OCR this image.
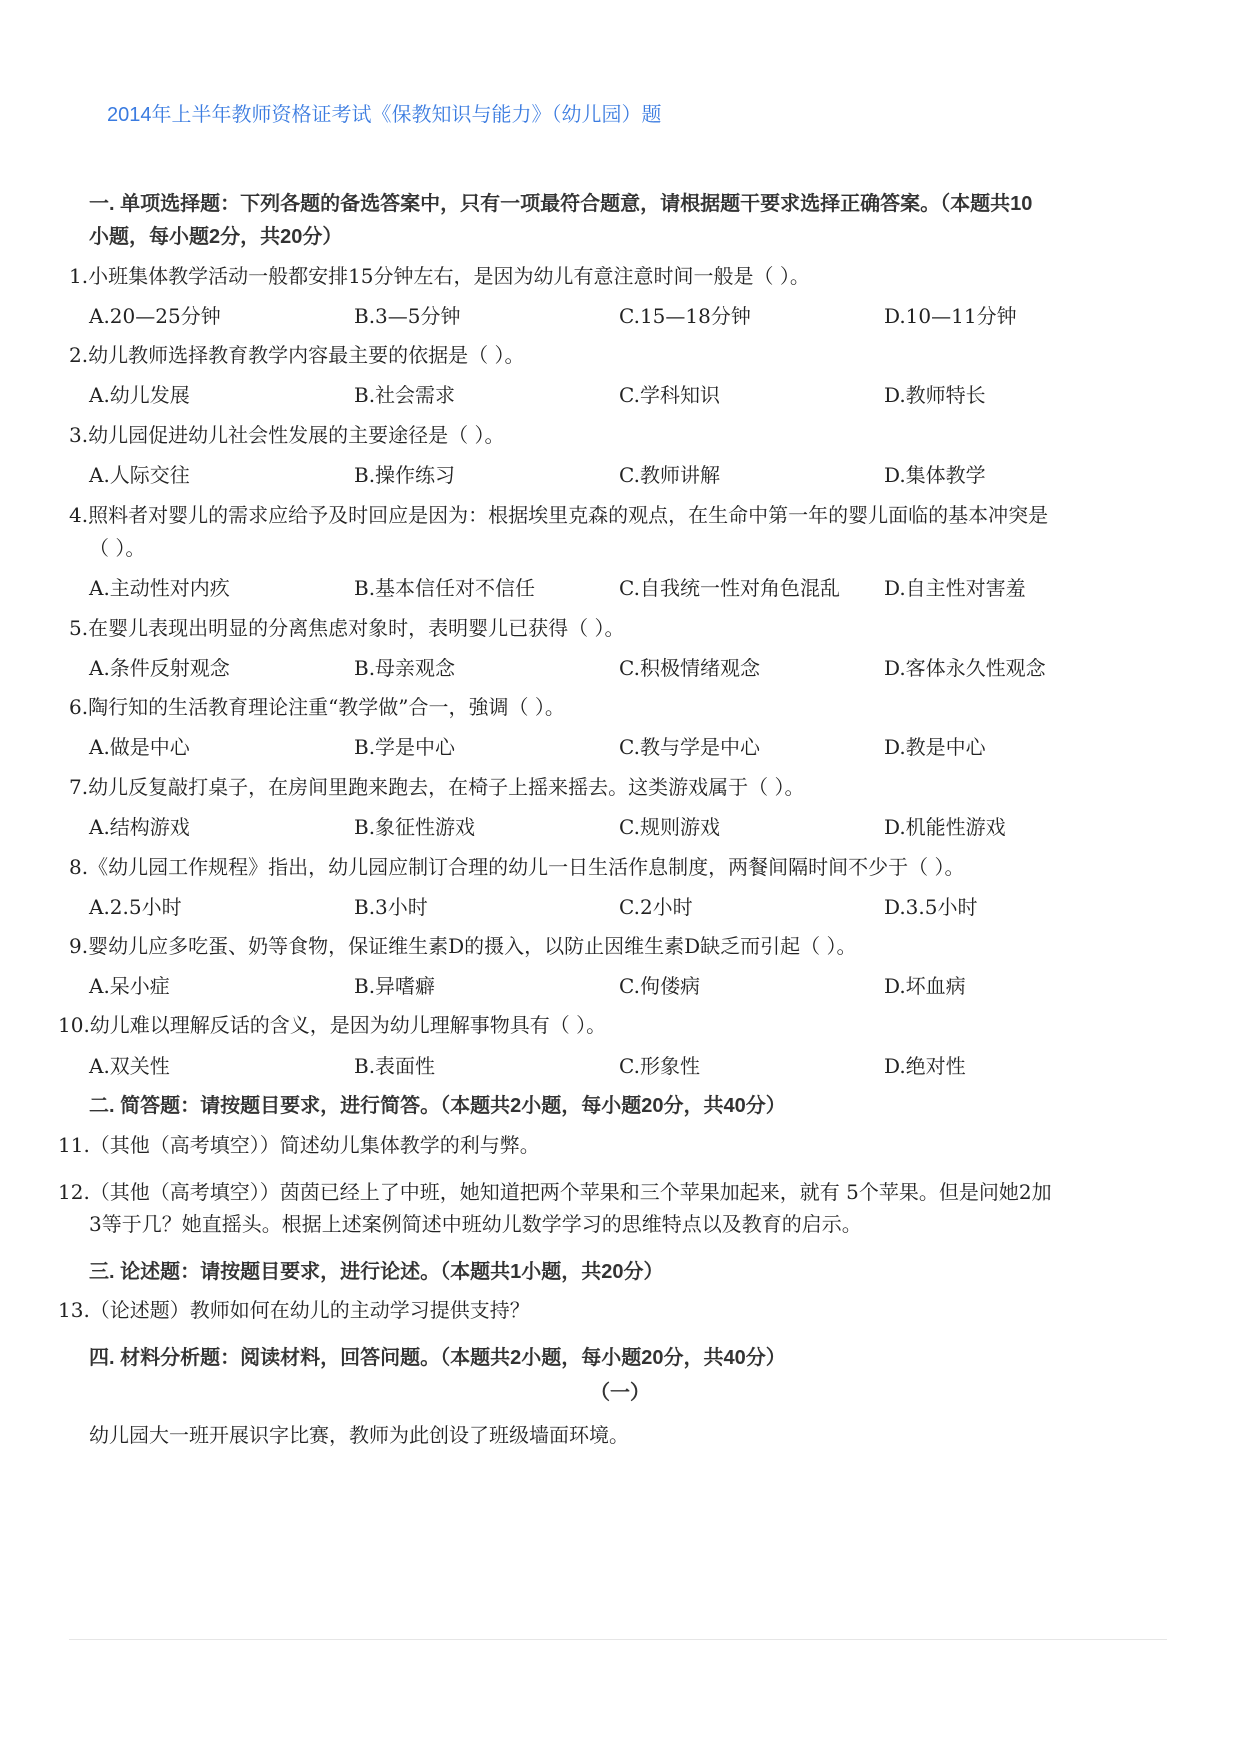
2014年上半年教师资格证考试《保教知识与能力》（幼儿园）题
一. 单项选择题：下列各题的备选答案中，只有一项最符合题意，请根据题干要求选择正确答案。（本题共10
小题，每小题2分，共20分）
1.小班集体教学活动一般都安排15分钟左右，是因为幼儿有意注意时间一般是（ ）。
A.20—25分钟	B.3—5分钟	C.15—18分钟	D.10—11分钟
2.幼儿教师选择教育教学内容最主要的依据是（ ）。
A.幼儿发展	B.社会需求	C.学科知识	D.教师特长
3.幼儿园促进幼儿社会性发展的主要途径是（ ）。
A.人际交往	B.操作练习	C.教师讲解	D.集体教学
4.照料者对婴儿的需求应给予及时回应是因为：根据埃里克森的观点，在生命中第一年的婴儿面临的基本冲突是
（ ）。
A.主动性对内疚	B.基本信任对不信任	C.自我统一性对角色混乱 D.自主性对害羞
5.在婴儿表现出明显的分离焦虑对象时，表明婴儿已获得（ ）。
A.条件反射观念	B.母亲观念	C.积极情绪观念	D.客体永久性观念
6.陶行知的生活教育理论注重“教学做”合一，強调（ ）。
A.做是中心	B.学是中心	C.教与学是中心	D.教是中心
7.幼儿反复敲打桌子，在房间里跑来跑去，在椅子上摇来摇去。这类游戏属于（ ）。
A.结构游戏	B.象征性游戏	C.规则游戏	D.机能性游戏
8.《幼儿园工作规程》指出，幼儿园应制订合理的幼儿一日生活作息制度，两餐间隔时间不少于（ ）。
A.2.5小时	B.3小时	C.2小时	D.3.5小时
9.婴幼儿应多吃蛋、奶等食物，保证维生素D的摄入，以防止因维生素D缺乏而引起（ ）。
A.呆小症	B.异嗜癖	C.佝偻病	D.坏血病
10.幼儿难以理解反话的含义，是因为幼儿理解事物具有（ ）。
A.双关性	B.表面性	C.形象性	D.绝对性
二. 简答题：请按题目要求，进行简答。（本题共2小题，每小题20分，共40分）
11.（其他（高考填空））简述幼儿集体教学的利与弊。
12.（其他（高考填空））茵茵已经上了中班，她知道把两个苹果和三个苹果加起来，就有 5个苹果。但是问她2加
3等于几？她直摇头。根据上述案例简述中班幼儿数学学习的思维特点以及教育的启示。
三. 论述题：请按题目要求，进行论述。（本题共1小题，共20分）
13.（论述题）教师如何在幼儿的主动学习提供支持？
四. 材料分析题：阅读材料，回答问题。（本题共2小题，每小题20分，共40分）
（一）
幼儿园大一班开展识字比赛，教师为此创设了班级墙面环境。
